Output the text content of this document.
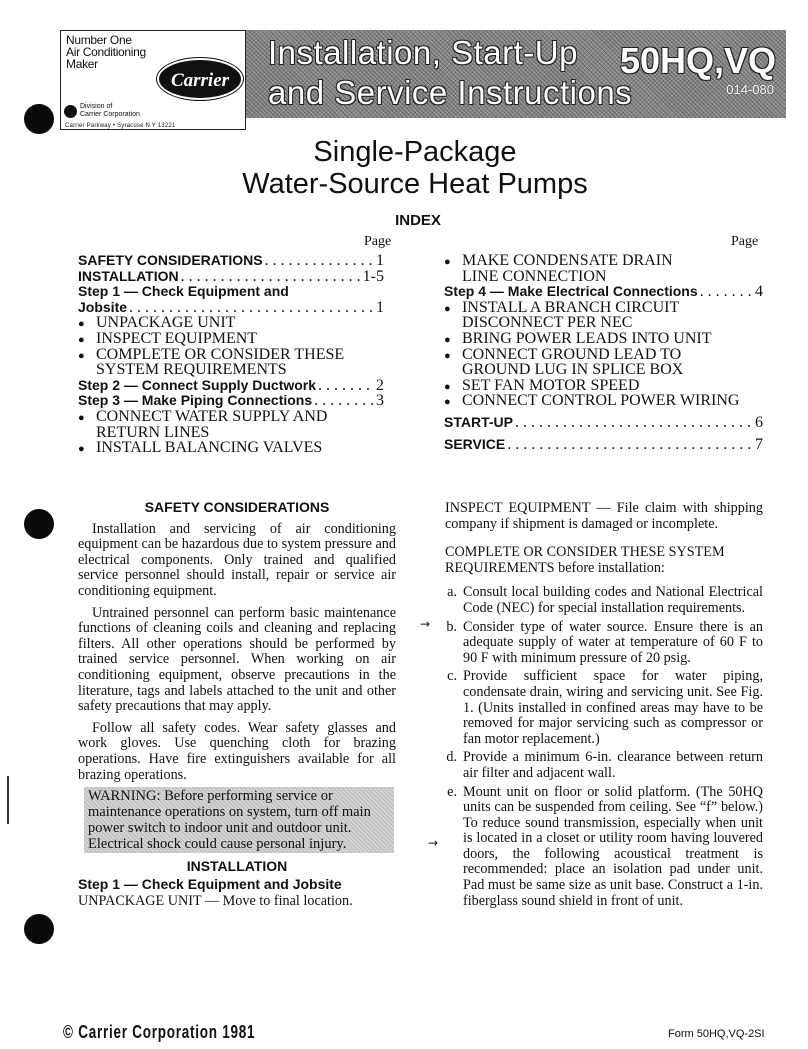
Number One
Air Conditioning
Maker
Carrier
Division of
Carrier Corporation
Carrier Parkway • Syracuse N Y 13221
Installation, Start-Up
and Service Instructions
50HQ,VQ
014-080
Single-Package
Water-Source Heat Pumps
INDEX
Page	Page
SAFETY CONSIDERATIONS . . .	1
INSTALLATION . . .	1-5
Step 1 — Check Equipment and
Jobsite . . .	1
● UNPACKAGE UNIT
● INSPECT EQUIPMENT
● COMPLETE OR CONSIDER THESE
SYSTEM REQUIREMENTS
Step 2 — Connect Supply Ductwork . . .	2
Step 3 — Make Piping Connections . . .	3
● CONNECT WATER SUPPLY AND
RETURN LINES
● INSTALL BALANCING VALVES
● MAKE CONDENSATE DRAIN
LINE CONNECTION
Step 4 — Make Electrical Connections . . .	4
● INSTALL A BRANCH CIRCUIT
DISCONNECT PER NEC
● BRING POWER LEADS INTO UNIT
● CONNECT GROUND LEAD TO
GROUND LUG IN SPLICE BOX
● SET FAN MOTOR SPEED
● CONNECT CONTROL POWER WIRING
START-UP . . .	6
SERVICE . . .	7
SAFETY CONSIDERATIONS
Installation and servicing of air conditioning equipment can be hazardous due to system pressure and electrical components. Only trained and qualified service personnel should install, repair or service air conditioning equipment.
Untrained personnel can perform basic maintenance functions of cleaning coils and cleaning and replacing filters. All other operations should be performed by trained service personnel. When working on air conditioning equipment, observe precautions in the literature, tags and labels attached to the unit and other safety precautions that may apply.
Follow all safety codes. Wear safety glasses and work gloves. Use quenching cloth for brazing operations. Have fire extinguishers available for all brazing operations.
WARNING: Before performing service or maintenance operations on system, turn off main power switch to indoor unit and outdoor unit. Electrical shock could cause personal injury.
INSTALLATION
Step 1 — Check Equipment and Jobsite
UNPACKAGE UNIT — Move to final location.
INSPECT EQUIPMENT — File claim with shipping company if shipment is damaged or incomplete.
COMPLETE OR CONSIDER THESE SYSTEM REQUIREMENTS before installation:
a. Consult local building codes and National Electrical Code (NEC) for special installation requirements.
b. Consider type of water source. Ensure there is an adequate supply of water at temperature of 60 F to 90 F with minimum pressure of 20 psig.
c. Provide sufficient space for water piping, condensate drain, wiring and servicing unit. See Fig. 1. (Units installed in confined areas may have to be removed for major servicing such as compressor or fan motor replacement.)
d. Provide a minimum 6-in. clearance between return air filter and adjacent wall.
e. Mount unit on floor or solid platform. (The 50HQ units can be suspended from ceiling. See “f” below.) To reduce sound transmission, especially when unit is located in a closet or utility room having louvered doors, the following acoustical treatment is recommended: place an isolation pad under unit. Pad must be same size as unit base. Construct a 1-in. fiberglass sound shield in front of unit.
→
→
© Carrier Corporation 1981	Form 50HQ,VQ-2SI
